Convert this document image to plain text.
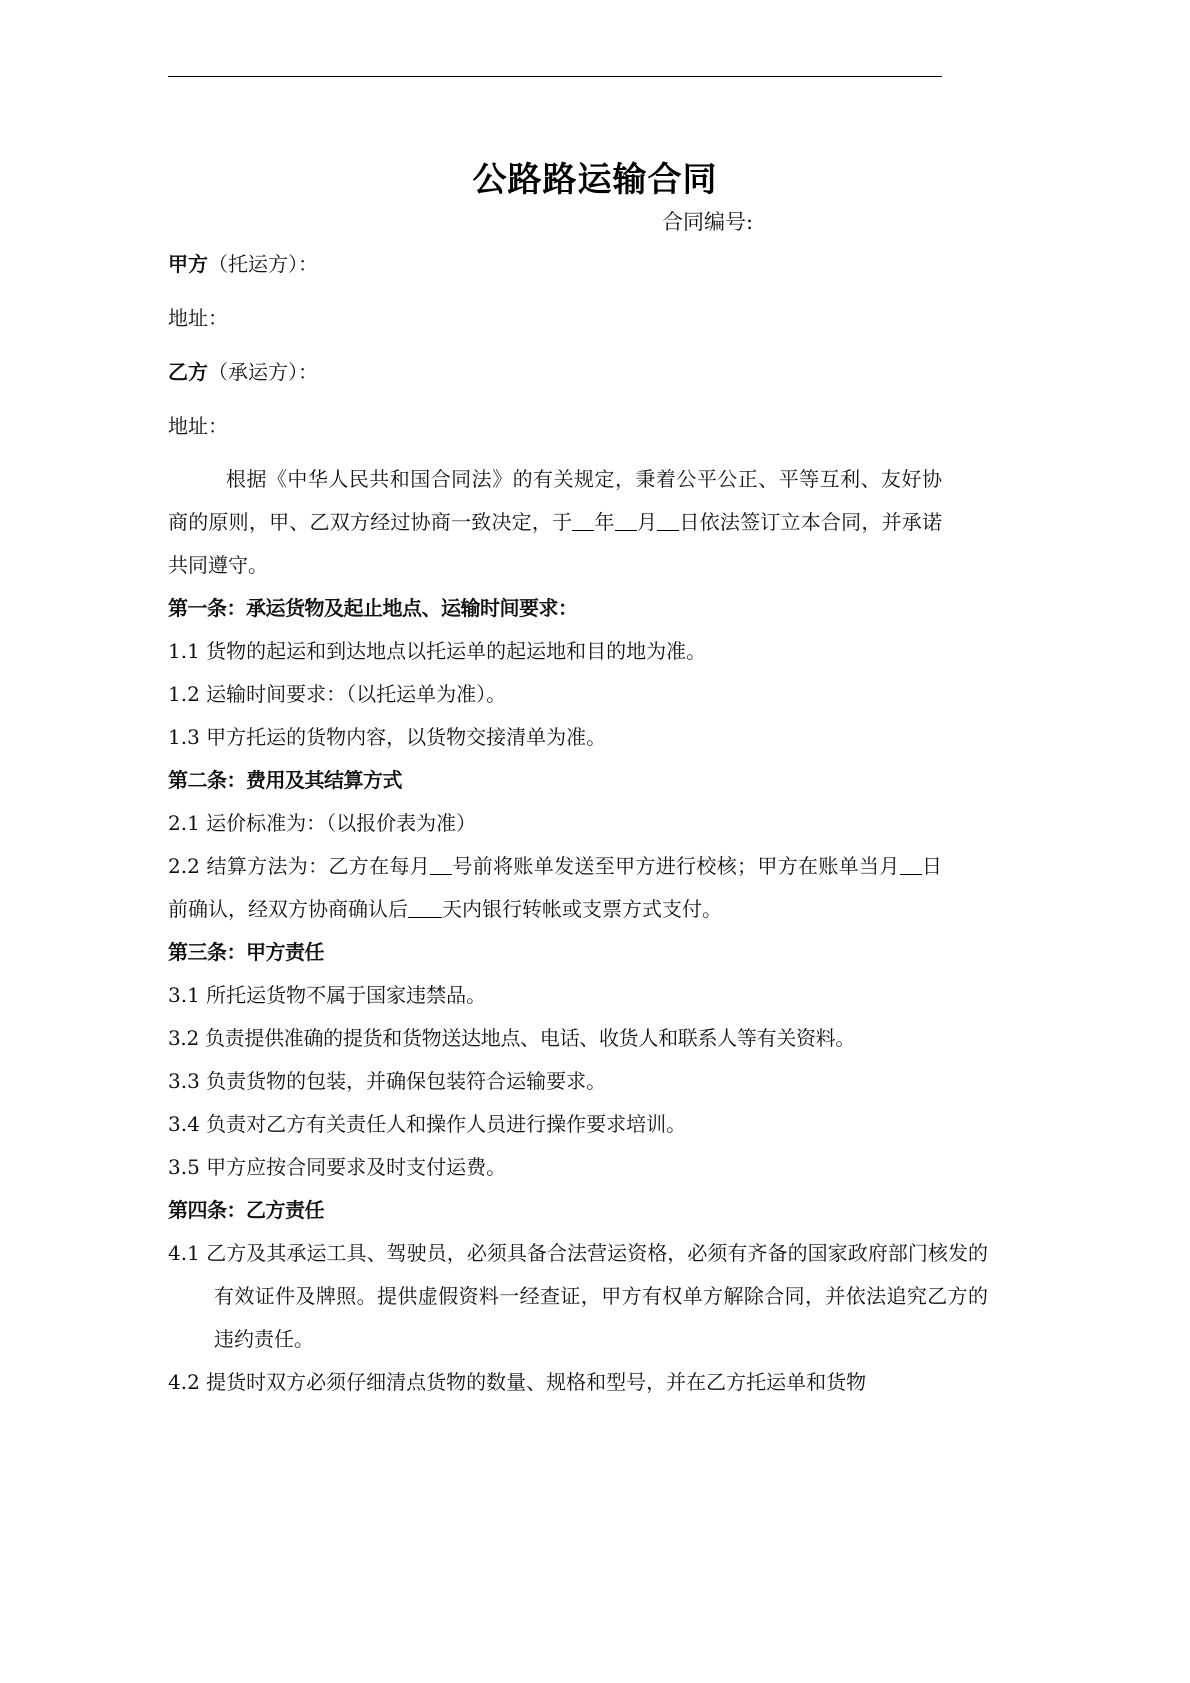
公路路运输合同
合同编号:
甲方（托运方）：
地址：
乙方（承运方）：
地址：
根据《中华人民共和国合同法》的有关规定，秉着公平公正、平等互利、友好协商的原则，甲、乙双方经过协商一致决定，于 年 月 日依法签订立本合同，并承诺共同遵守。
第一条：承运货物及起止地点、运输时间要求：
1.1 货物的起运和到达地点以托运单的起运地和目的地为准。
1.2 运输时间要求：（以托运单为准）。
1.3 甲方托运的货物内容，以货物交接清单为准。
第二条：费用及其结算方式
2.1 运价标准为：（以报价表为准）
2.2 结算方法为：乙方在每月 号前将账单发送至甲方进行校核；甲方在账单当月 日前确认，经双方协商确认后 天内银行转帐或支票方式支付。
第三条：甲方责任
3.1 所托运货物不属于国家违禁品。
3.2 负责提供准确的提货和货物送达地点、电话、收货人和联系人等有关资料。
3.3 负责货物的包装，并确保包装符合运输要求。
3.4 负责对乙方有关责任人和操作人员进行操作要求培训。
3.5 甲方应按合同要求及时支付运费。
第四条：乙方责任
4.1 乙方及其承运工具、驾驶员，必须具备合法营运资格，必须有齐备的国家政府部门核发的有效证件及牌照。提供虚假资料一经查证，甲方有权单方解除合同，并依法追究乙方的违约责任。
4.2 提货时双方必须仔细清点货物的数量、规格和型号，并在乙方托运单和货物
